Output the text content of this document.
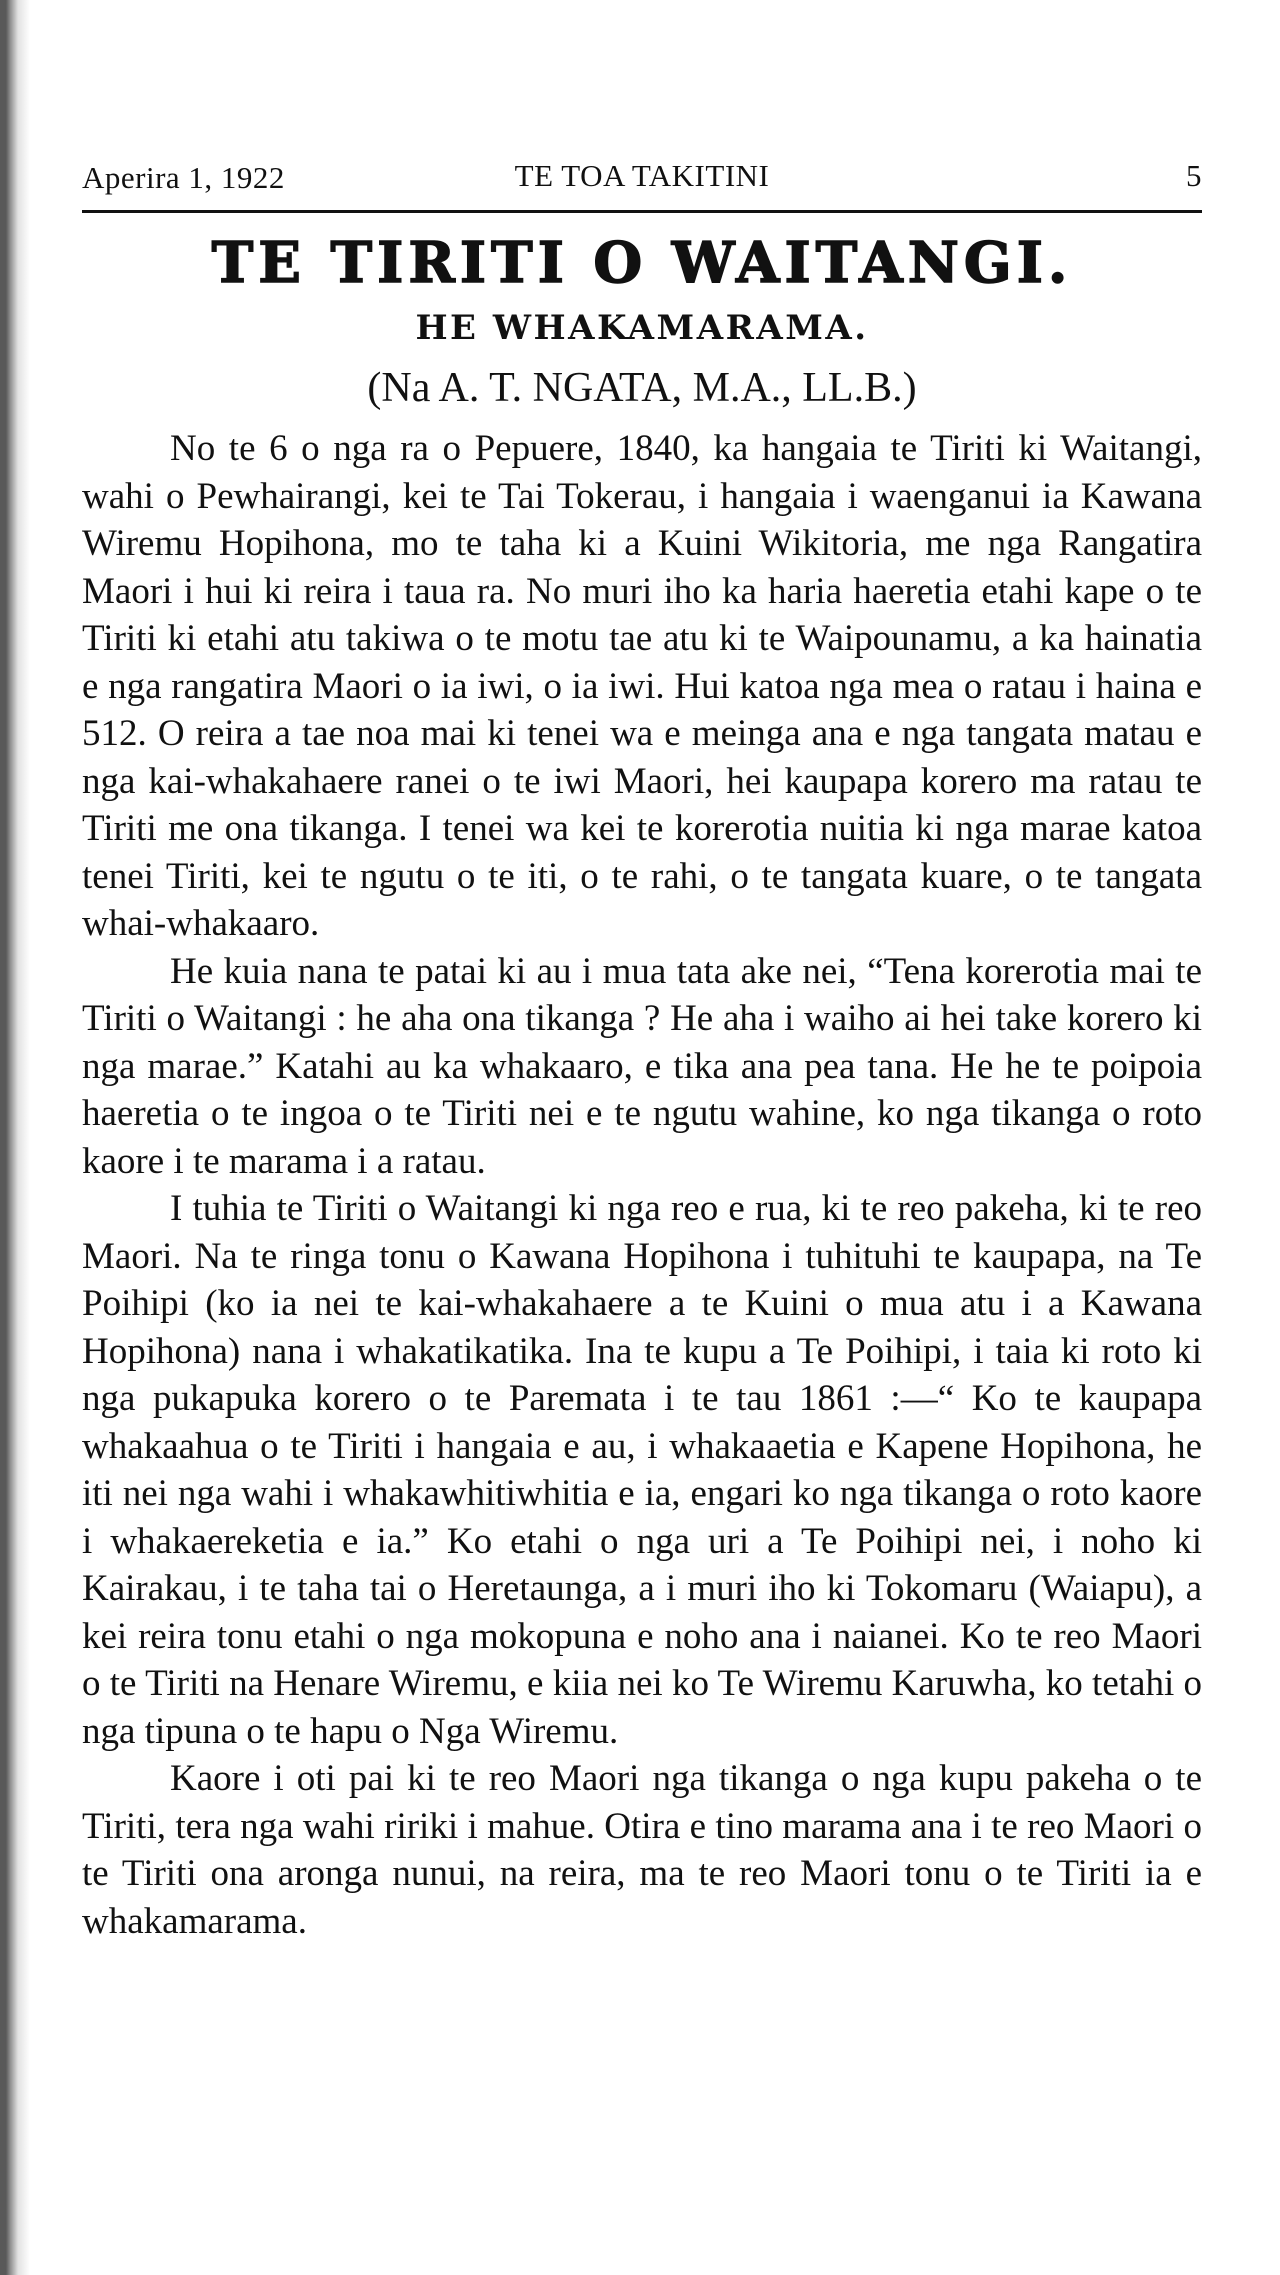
Aperira 1, 1922	TE TOA TAKITINI	5
TE TIRITI O WAITANGI.
HE WHAKAMARAMA.
(Na A. T. NGATA, M.A., LL.B.)

No te 6 o nga ra o Pepuere, 1840, ka hangaia te Tiriti ki Waitangi, wahi o Pewhairangi, kei te Tai Tokerau, i hangaia i waenganui ia Kawana Wiremu Hopihona, mo te taha ki a Kuini Wikitoria, me nga Rangatira Maori i hui ki reira i taua ra. No muri iho ka haria haeretia etahi kape o te Tiriti ki etahi atu takiwa o te motu tae atu ki te Waipounamu, a ka hainatia e nga rangatira Maori o ia iwi, o ia iwi. Hui katoa nga mea o ratau i haina e 512. O reira a tae noa mai ki tenei wa e meinga ana e nga tangata matau e nga kai-whakahaere ranei o te iwi Maori, hei kaupapa korero ma ratau te Tiriti me ona tikanga. I tenei wa kei te korerotia nuitia ki nga marae katoa tenei Tiriti, kei te ngutu o te iti, o te rahi, o te tangata kuare, o te tangata whai-whakaaro.

He kuia nana te patai ki au i mua tata ake nei, “Tena korerotia mai te Tiriti o Waitangi : he aha ona tikanga ? He aha i waiho ai hei take korero ki nga marae.” Katahi au ka whakaaro, e tika ana pea tana. He he te poipoia haeretia o te ingoa o te Tiriti nei e te ngutu wahine, ko nga tikanga o roto kaore i te marama i a ratau.

I tuhia te Tiriti o Waitangi ki nga reo e rua, ki te reo pakeha, ki te reo Maori. Na te ringa tonu o Kawana Hopihona i tuhituhi te kaupapa, na Te Poihipi (ko ia nei te kai-whakahaere a te Kuini o mua atu i a Kawana Hopihona) nana i whakatikatika. Ina te kupu a Te Poihipi, i taia ki roto ki nga pukapuka korero o te Paremata i te tau 1861 :—“ Ko te kaupapa whakaahua o te Tiriti i hangaia e au, i whakaaetia e Kapene Hopihona, he iti nei nga wahi i whakawhitiwhitia e ia, engari ko nga tikanga o roto kaore i whakaereketia e ia.” Ko etahi o nga uri a Te Poihipi nei, i noho ki Kairakau, i te taha tai o Heretaunga, a i muri iho ki Tokomaru (Waiapu), a kei reira tonu etahi o nga mokopuna e noho ana i naianei. Ko te reo Maori o te Tiriti na Henare Wiremu, e kiia nei ko Te Wiremu Karuwha, ko tetahi o nga tipuna o te hapu o Nga Wiremu.

Kaore i oti pai ki te reo Maori nga tikanga o nga kupu pakeha o te Tiriti, tera nga wahi ririki i mahue. Otira e tino marama ana i te reo Maori o te Tiriti ona aronga nunui, na reira, ma te reo Maori tonu o te Tiriti ia e whakamarama.
